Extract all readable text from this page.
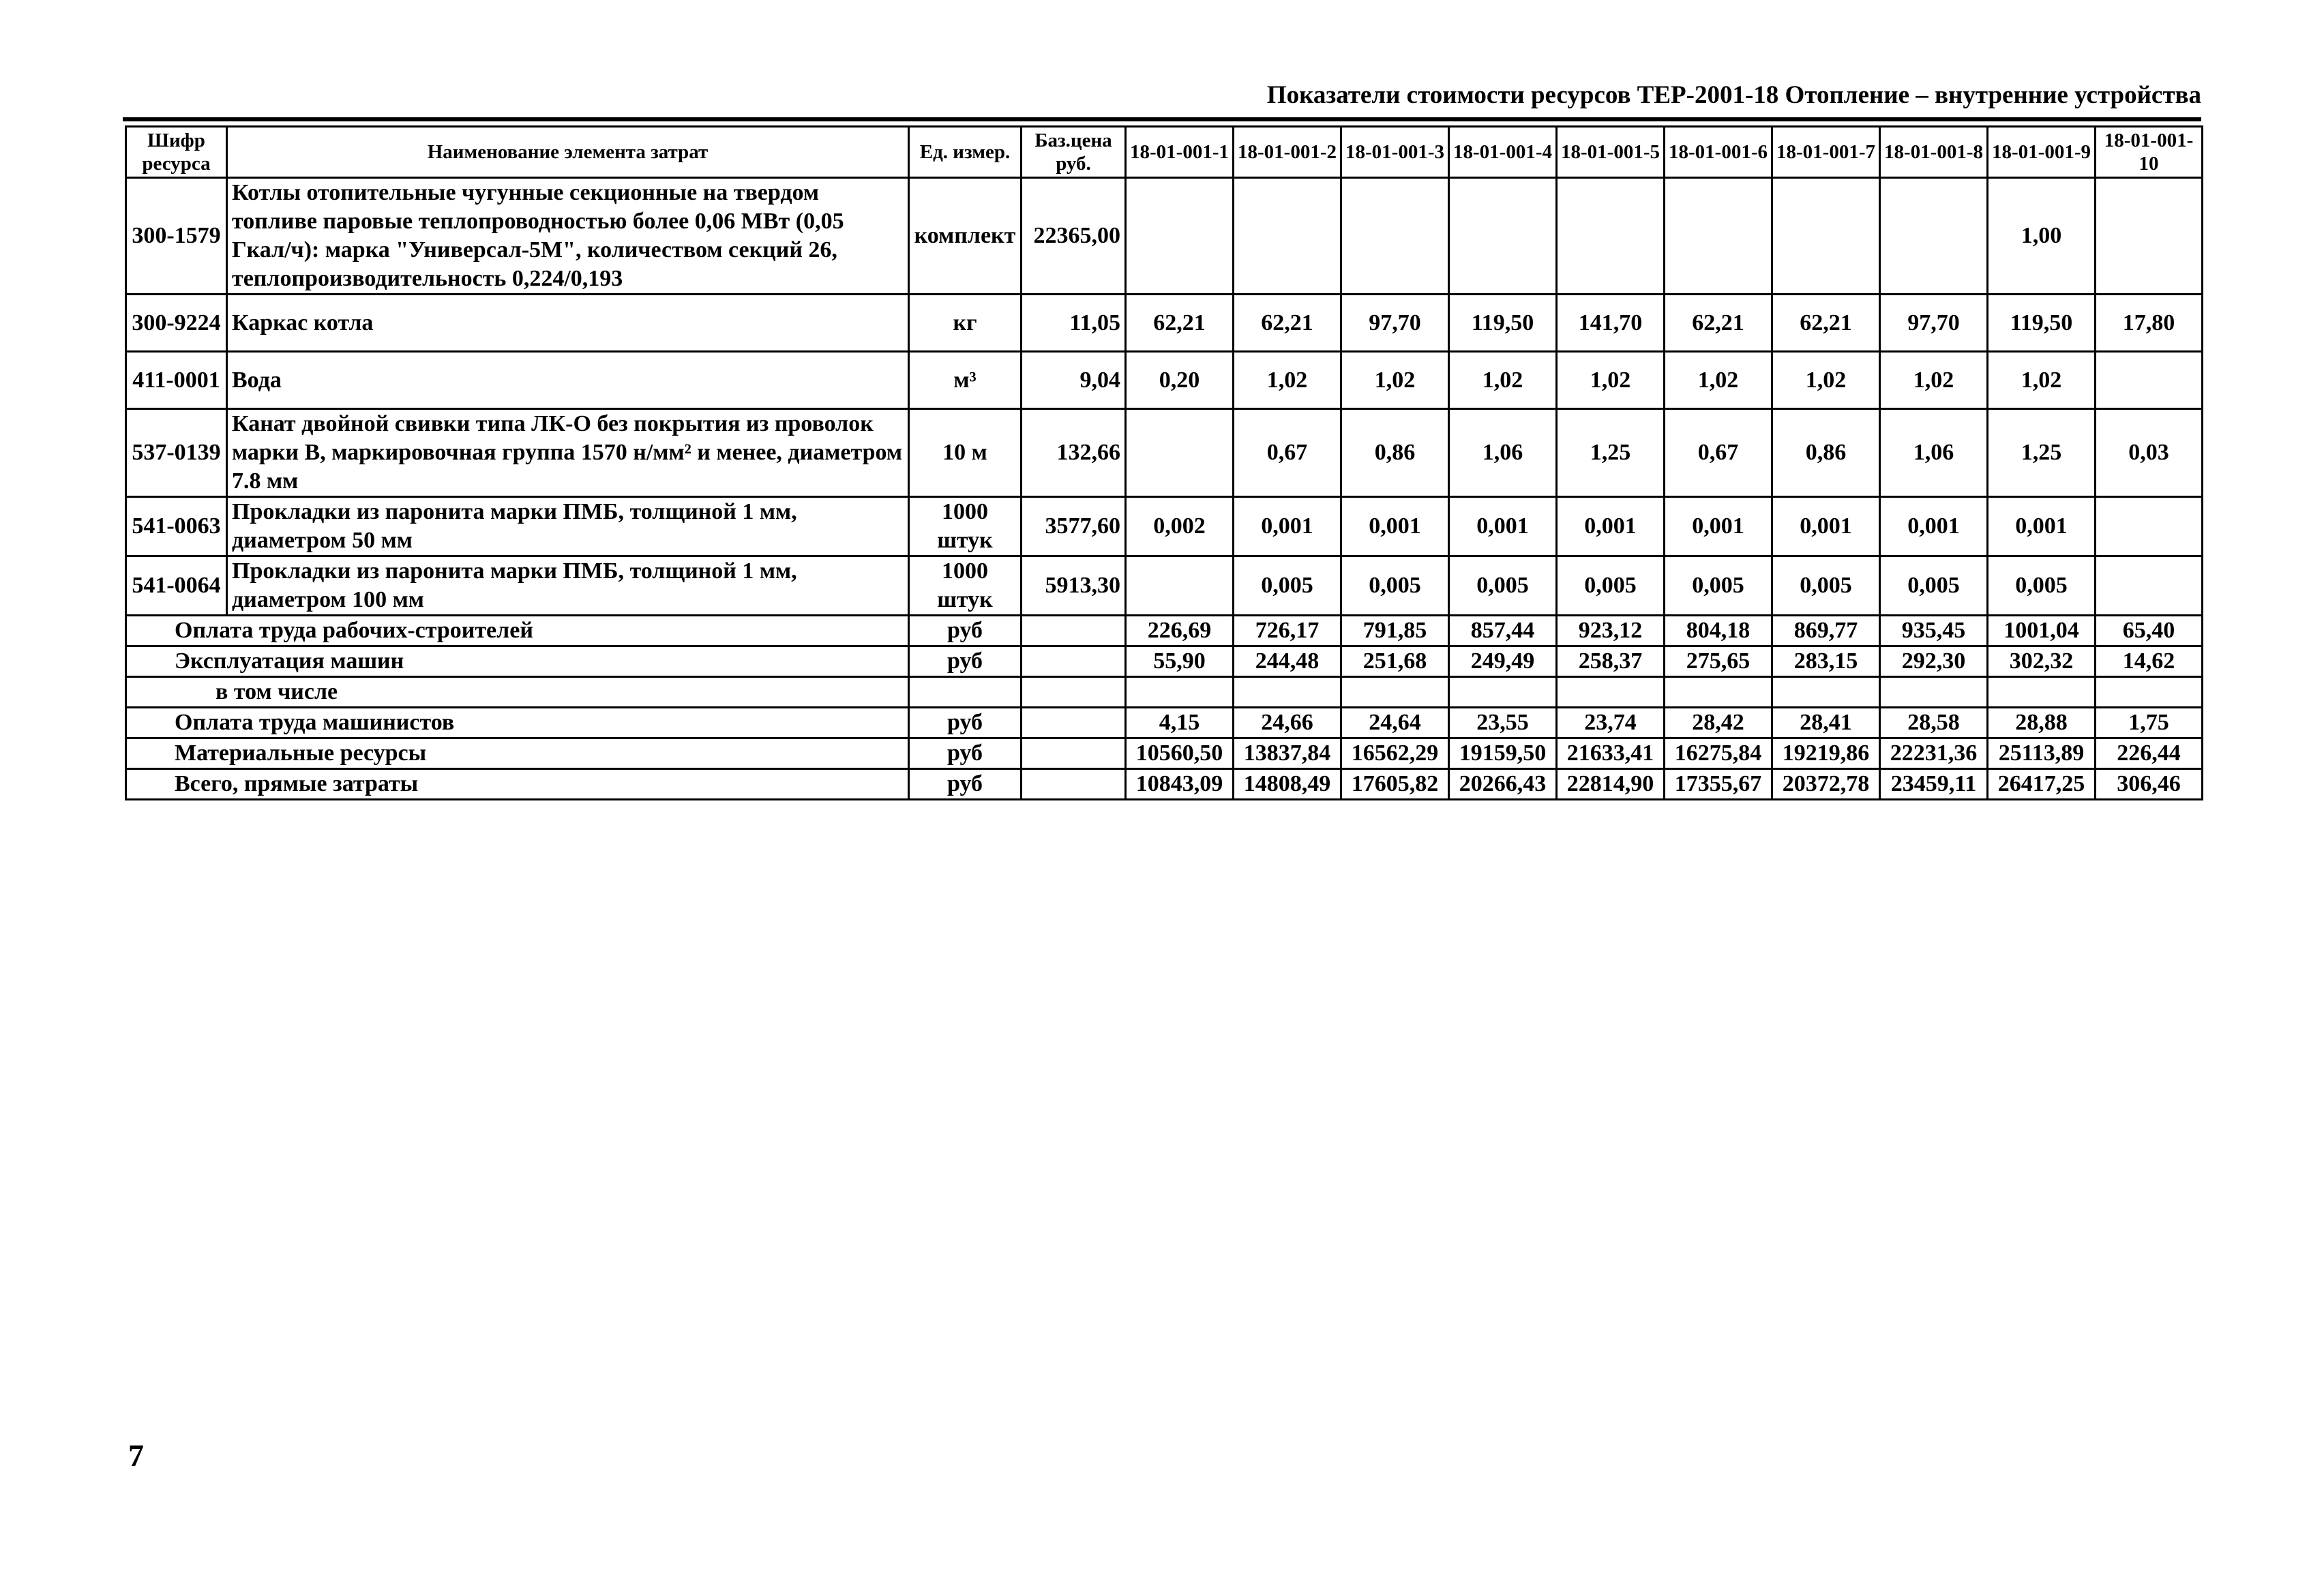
Показатели стоимости ресурсов ТЕР-2001-18 Отопление – внутренние устройства
Шифр ресурса	Наименование элемента затрат	Ед. измер.	Баз.цена руб.	18-01-001-1	18-01-001-2	18-01-001-3	18-01-001-4	18-01-001-5	18-01-001-6	18-01-001-7	18-01-001-8	18-01-001-9	18-01-001-10
300-1579	Котлы отопительные чугунные секционные на твердом топливе паровые теплопроводностью более 0,06 МВт (0,05 Гкал/ч): марка "Универсал-5М", количеством секций 26, теплопроизводительность 0,224/0,193	комплект	22365,00									1,00	
300-9224	Каркас котла	кг	11,05	62,21	62,21	97,70	119,50	141,70	62,21	62,21	97,70	119,50	17,80
411-0001	Вода	м³	9,04	0,20	1,02	1,02	1,02	1,02	1,02	1,02	1,02	1,02	
537-0139	Канат двойной свивки типа ЛК-О без покрытия из проволок марки В, маркировочная группа 1570 н/мм² и менее, диаметром 7.8 мм	10 м	132,66		0,67	0,86	1,06	1,25	0,67	0,86	1,06	1,25	0,03
541-0063	Прокладки из паронита марки ПМБ, толщиной 1 мм, диаметром 50 мм	1000 штук	3577,60	0,002	0,001	0,001	0,001	0,001	0,001	0,001	0,001	0,001	
541-0064	Прокладки из паронита марки ПМБ, толщиной 1 мм, диаметром 100 мм	1000 штук	5913,30		0,005	0,005	0,005	0,005	0,005	0,005	0,005	0,005	
Оплата труда рабочих-строителей		руб		226,69	726,17	791,85	857,44	923,12	804,18	869,77	935,45	1001,04	65,40
Эксплуатация машин		руб		55,90	244,48	251,68	249,49	258,37	275,65	283,15	292,30	302,32	14,62
в том числе													
Оплата труда машинистов		руб		4,15	24,66	24,64	23,55	23,74	28,42	28,41	28,58	28,88	1,75
Материальные ресурсы		руб		10560,50	13837,84	16562,29	19159,50	21633,41	16275,84	19219,86	22231,36	25113,89	226,44
Всего, прямые затраты		руб		10843,09	14808,49	17605,82	20266,43	22814,90	17355,67	20372,78	23459,11	26417,25	306,46
7
